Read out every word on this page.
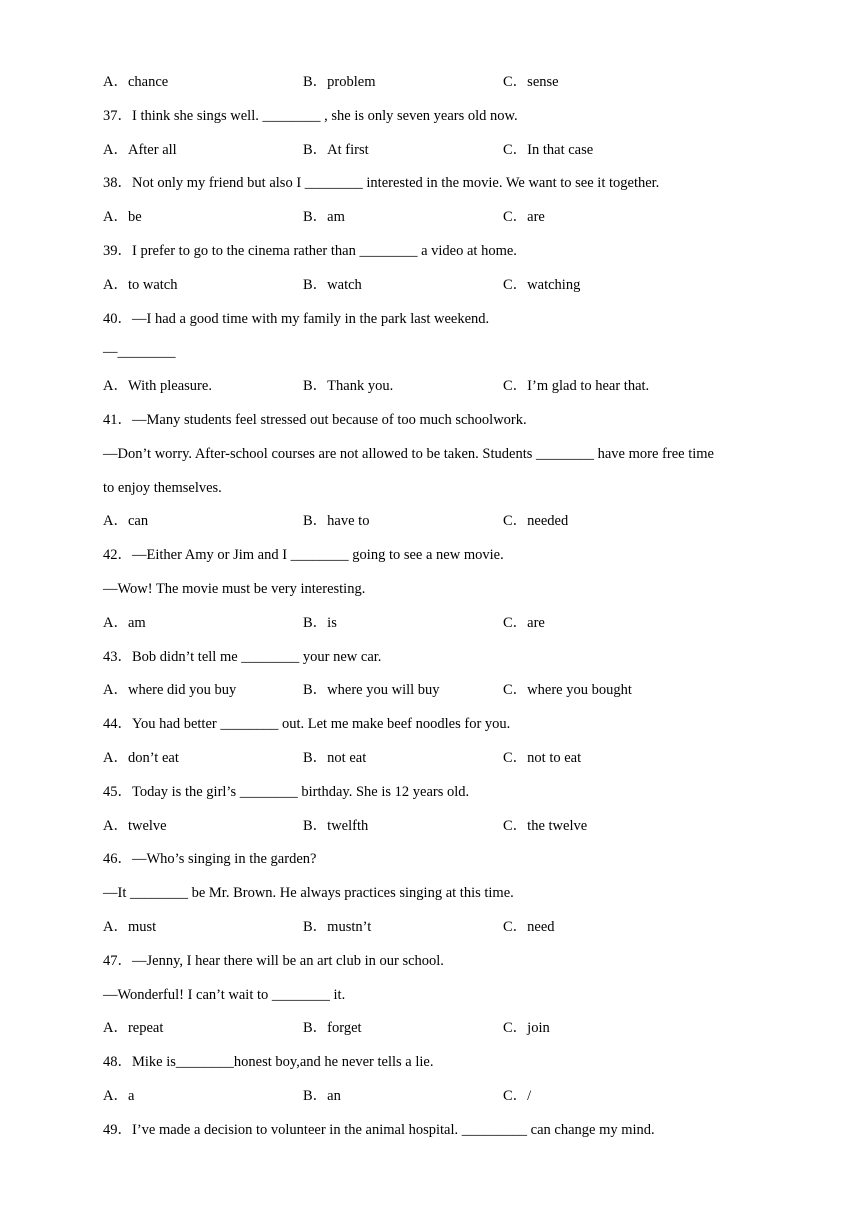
A．chance	B．problem	C．sense
37．I think she sings well. ________ , she is only seven years old now.
A．After all	B．At first	C．In that case
38．Not only my friend but also I ________ interested in the movie. We want to see it together.
A．be	B．am	C．are
39．I prefer to go to the cinema rather than ________ a video at home.
A．to watch	B．watch	C．watching
40．—I had a good time with my family in the park last weekend.
—________
A．With pleasure.	B．Thank you.	C．I’m glad to hear that.
41．—Many students feel stressed out because of too much schoolwork.
—Don’t worry. After-school courses are not allowed to be taken. Students ________ have more free time
to enjoy themselves.
A．can	B．have to	C．needed
42．—Either Amy or Jim and I ________ going to see a new movie.
—Wow! The movie must be very interesting.
A．am	B．is	C．are
43．Bob didn’t tell me ________ your new car.
A．where did you buy	B．where you will buy	C．where you bought
44．You had better ________ out. Let me make beef noodles for you.
A．don’t eat	B．not eat	C．not to eat
45．Today is the girl’s ________ birthday. She is 12 years old.
A．twelve	B．twelfth	C．the twelve
46．—Who’s singing in the garden?
—It ________ be Mr. Brown. He always practices singing at this time.
A．must	B．mustn’t	C．need
47．—Jenny, I hear there will be an art club in our school.
—Wonderful! I can’t wait to ________ it.
A．repeat	B．forget	C．join
48．Mike is________honest boy,and he never tells a lie.
A．a	B．an	C．/
49．I’ve made a decision to volunteer in the animal hospital. _________ can change my mind.
